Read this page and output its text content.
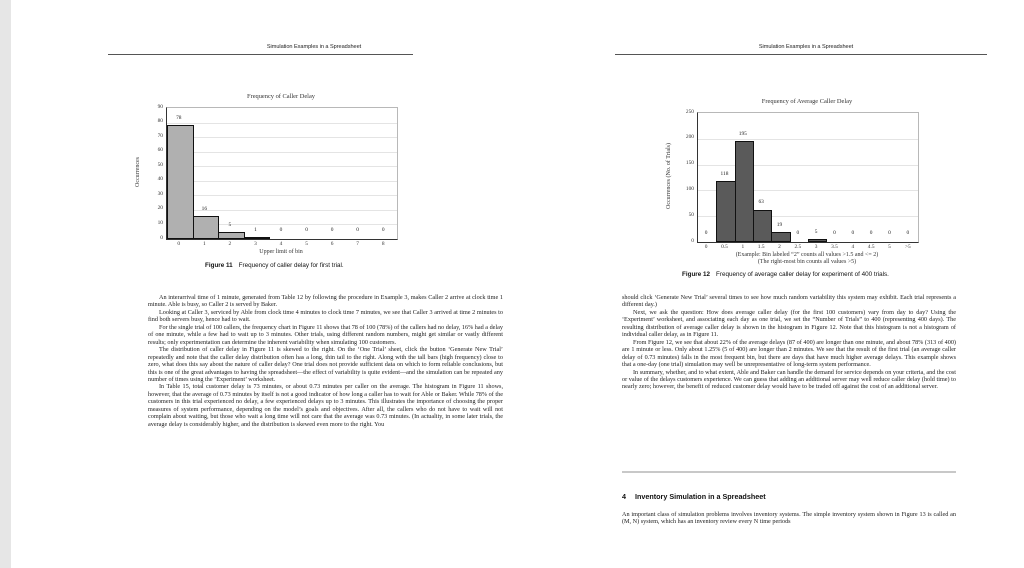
Simulation Examples in a Spreadsheet
Frequency of Caller Delay
0
10
20
30
40
50
60
70
80
90
78
0
16
1
5
2
1
3
0
4
0
5
0
6
0
7
0
8
Upper limit of bin
Occurrences
Figure 11 Frequency of caller delay for first trial.

An interarrival time of 1 minute, generated from Table 12 by following the procedure in Example 3, makes Caller 2 arrive at clock time 1 minute. Able is busy, so Caller 2 is served by Baker.

Looking at Caller 3, serviced by Able from clock time 4 minutes to clock time 7 minutes, we see that Caller 3 arrived at time 2 minutes to find both servers busy, hence had to wait.

For the single trial of 100 callers, the frequency chart in Figure 11 shows that 78 of 100 (78%) of the callers had no delay, 16% had a delay of one minute, while a few had to wait up to 3 minutes. Other trials, using different random numbers, might get similar or vastly different results; only experimentation can determine the inherent variability when simulating 100 customers.

The distribution of caller delay in Figure 11 is skewed to the right. On the ‘One Trial’ sheet, click the button ‘Generate New Trial’ repeatedly and note that the caller delay distribution often has a long, thin tail to the right. Along with the tall bars (high frequency) close to zero, what does this say about the nature of caller delay? One trial does not provide sufficient data on which to form reliable conclusions, but this is one of the great advantages to having the spreadsheet—the effect of variability is quite evident—and the simulation can be repeated any number of times using the ‘Experiment’ worksheet.

In Table 15, total customer delay is 73 minutes, or about 0.73 minutes per caller on the average. The histogram in Figure 11 shows, however, that the average of 0.73 minutes by itself is not a good indicator of how long a caller has to wait for Able or Baker. While 78% of the customers in this trial experienced no delay, a few experienced delays up to 3 minutes. This illustrates the importance of choosing the proper measures of system performance, depending on the model’s goals and objectives. After all, the callers who do not have to wait will not complain about waiting, but those who wait a long time will not care that the average was 0.73 minutes. (In actuality, in some later trials, the average delay is considerably higher, and the distribution is skewed even more to the right. You

Simulation Examples in a Spreadsheet
Frequency of Average Caller Delay
0
50
100
150
200
250
0
0
118
0.5
195
1
63
1.5
19
2
0
2.5
5
3
0
3.5
0
4
0
4.5
0
5
0
>5
(Example: Bin labeled “2” counts all values >1.5 and <= 2)
(The right-most bin counts all values >5)
Occurrences (No. of Trials)
Figure 12 Frequency of average caller delay for experiment of 400 trials.

should click ‘Generate New Trial’ several times to see how much random variability this system may exhibit. Each trial represents a different day.)

Next, we ask the question: How does average caller delay (for the first 100 customers) vary from day to day? Using the ‘Experiment’ worksheet, and associating each day as one trial, we set the “Number of Trials” to 400 (representing 400 days). The resulting distribution of average caller delay is shown in the histogram in Figure 12. Note that this histogram is not a histogram of individual caller delay, as in Figure 11.

From Figure 12, we see that about 22% of the average delays (87 of 400) are longer than one minute, and about 78% (313 of 400) are 1 minute or less. Only about 1.25% (5 of 400) are longer than 2 minutes. We see that the result of the first trial (an average caller delay of 0.73 minutes) falls in the most frequent bin, but there are days that have much higher average delays. This example shows that a one-day (one trial) simulation may well be unrepresentative of long-term system performance.

In summary, whether, and to what extent, Able and Baker can handle the demand for service depends on your criteria, and the cost or value of the delays customers experience. We can guess that adding an additional server may well reduce caller delay (hold time) to nearly zero; however, the benefit of reduced customer delay would have to be traded off against the cost of an additional server.

4 Inventory Simulation in a Spreadsheet

An important class of simulation problems involves inventory systems. The simple inventory system shown in Figure 13 is called an (M, N) system, which has an inventory review every N time periods
